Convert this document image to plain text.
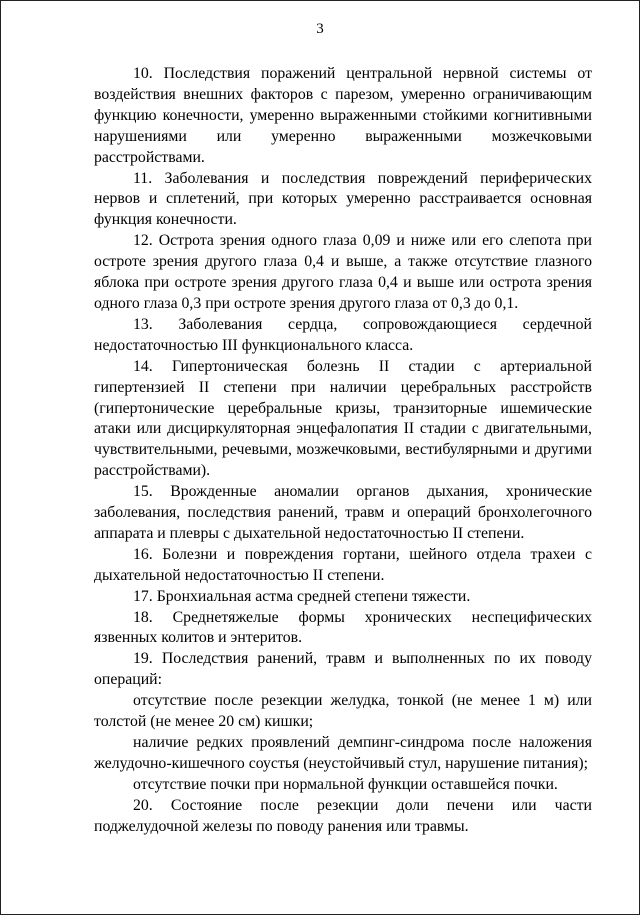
3

10. Последствия поражений центральной нервной системы от воздействия внешних факторов с парезом, умеренно ограничивающим функцию конечности, умеренно выраженными стойкими когнитивными нарушениями или умеренно выраженными мозжечковыми расстройствами.

11. Заболевания и последствия повреждений периферических нервов и сплетений, при которых умеренно расстраивается основная функция конечности.

12. Острота зрения одного глаза 0,09 и ниже или его слепота при остроте зрения другого глаза 0,4 и выше, а также отсутствие глазного яблока при остроте зрения другого глаза 0,4 и выше или острота зрения одного глаза 0,3 при остроте зрения другого глаза от 0,3 до 0,1.

13. Заболевания сердца, сопровождающиеся сердечной недостаточностью III функционального класса.

14. Гипертоническая болезнь II стадии с артериальной гипертензией II степени при наличии церебральных расстройств (гипертонические церебральные кризы, транзиторные ишемические атаки или дисциркуляторная энцефалопатия II стадии с двигательными, чувствительными, речевыми, мозжечковыми, вестибулярными и другими расстройствами).

15. Врожденные аномалии органов дыхания, хронические заболевания, последствия ранений, травм и операций бронхолегочного аппарата и плевры с дыхательной недостаточностью II степени.

16. Болезни и повреждения гортани, шейного отдела трахеи с дыхательной недостаточностью II степени.

17. Бронхиальная астма средней степени тяжести.

18. Среднетяжелые формы хронических неспецифических язвенных колитов и энтеритов.

19. Последствия ранений, травм и выполненных по их поводу операций:

отсутствие после резекции желудка, тонкой (не менее 1 м) или толстой (не менее 20 см) кишки;

наличие редких проявлений демпинг-синдрома после наложения желудочно-кишечного соустья (неустойчивый стул, нарушение питания);

отсутствие почки при нормальной функции оставшейся почки.

20. Состояние после резекции доли печени или части поджелудочной железы по поводу ранения или травмы.
